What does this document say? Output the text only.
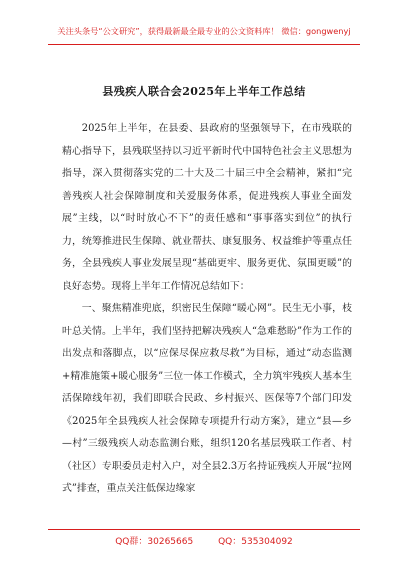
关注头条号“公文研究”，获得最新最全最专业的公文资料库！ 微信：gongwenyj
县残疾人联合会2025年上半年工作总结

2025年上半年，在县委、县政府的坚强领导下，在市残联的精心指导下，县残联坚持以习近平新时代中国特色社会主义思想为指导，深入贯彻落实党的二十大及二十届三中全会精神，紧扣“完善残疾人社会保障制度和关爱服务体系，促进残疾人事业全面发展”主线，以“时时放心不下”的责任感和“事事落实到位”的执行力，统筹推进民生保障、就业帮扶、康复服务、权益维护等重点任务，全县残疾人事业发展呈现“基础更牢、服务更优、氛围更暖”的良好态势。现将上半年工作情况总结如下：

一、聚焦精准兜底，织密民生保障“暖心网”。民生无小事，枝叶总关情。上半年，我们坚持把解决残疾人“急难愁盼”作为工作的出发点和落脚点，以“应保尽保应救尽救”为目标，通过“动态监测+精准施策+暖心服务”三位一体工作模式，全力筑牢残疾人基本生活保障线年初，我们即联合民政、乡村振兴、医保等7个部门印发《2025年全县残疾人社会保障专项提升行动方案》，建立“县—乡—村”三级残疾人动态监测台账，组织120名基层残联工作者、村（社区）专职委员走村入户，对全县2.3万名持证残疾人开展“拉网式”排查，重点关注低保边缘家

QQ群：30265665	QQ：535304092
